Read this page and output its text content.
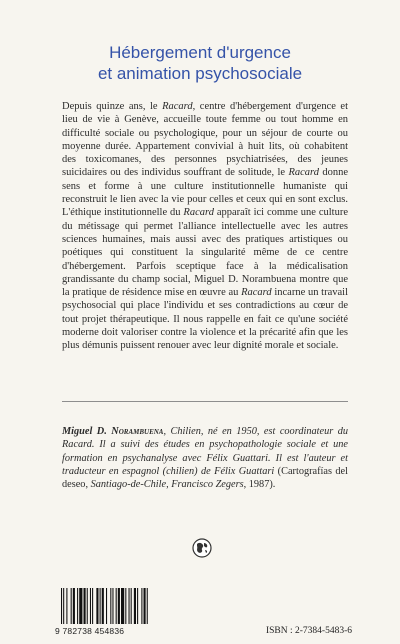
Hébergement d'urgence
et animation psychosociale

Depuis quinze ans, le Racard, centre d'hébergement d'urgence et lieu de vie à Genève, accueille toute femme ou tout homme en difficulté sociale ou psychologique, pour un séjour de courte ou moyenne durée. Appartement convivial à huit lits, où cohabitent des toxicomanes, des personnes psychiatrisées, des jeunes suicidaires ou des individus souffrant de solitude, le Racard donne sens et forme à une culture institutionnelle humaniste qui reconstruit le lien avec la vie pour celles et ceux qui en sont exclus. L'éthique institutionnelle du Racard apparaît ici comme une culture du métissage qui permet l'alliance intellectuelle avec les autres sciences humaines, mais aussi avec des pratiques artistiques ou poétiques qui constituent la singularité même de ce centre d'hébergement. Parfois sceptique face à la médicalisation grandissante du champ social, Miguel D. Norambuena montre que la pratique de résidence mise en œuvre au Racard incarne un travail psychosocial qui place l'individu et ses contradictions au cœur de tout projet thérapeutique. Il nous rappelle en fait ce qu'une société moderne doit valoriser contre la violence et la précarité afin que les plus démunis puissent renouer avec leur dignité morale et sociale.

Miguel D. Norambuena, Chilien, né en 1950, est coordinateur du Racard. Il a suivi des études en psychopathologie sociale et une formation en psychanalyse avec Félix Guattari. Il est l'auteur et traducteur en espagnol (chilien) de Félix Guattari (Cartografías del deseo, Santiago-de-Chile, Francisco Zegers, 1987).

9 782738 454836	ISBN : 2-7384-5483-6
